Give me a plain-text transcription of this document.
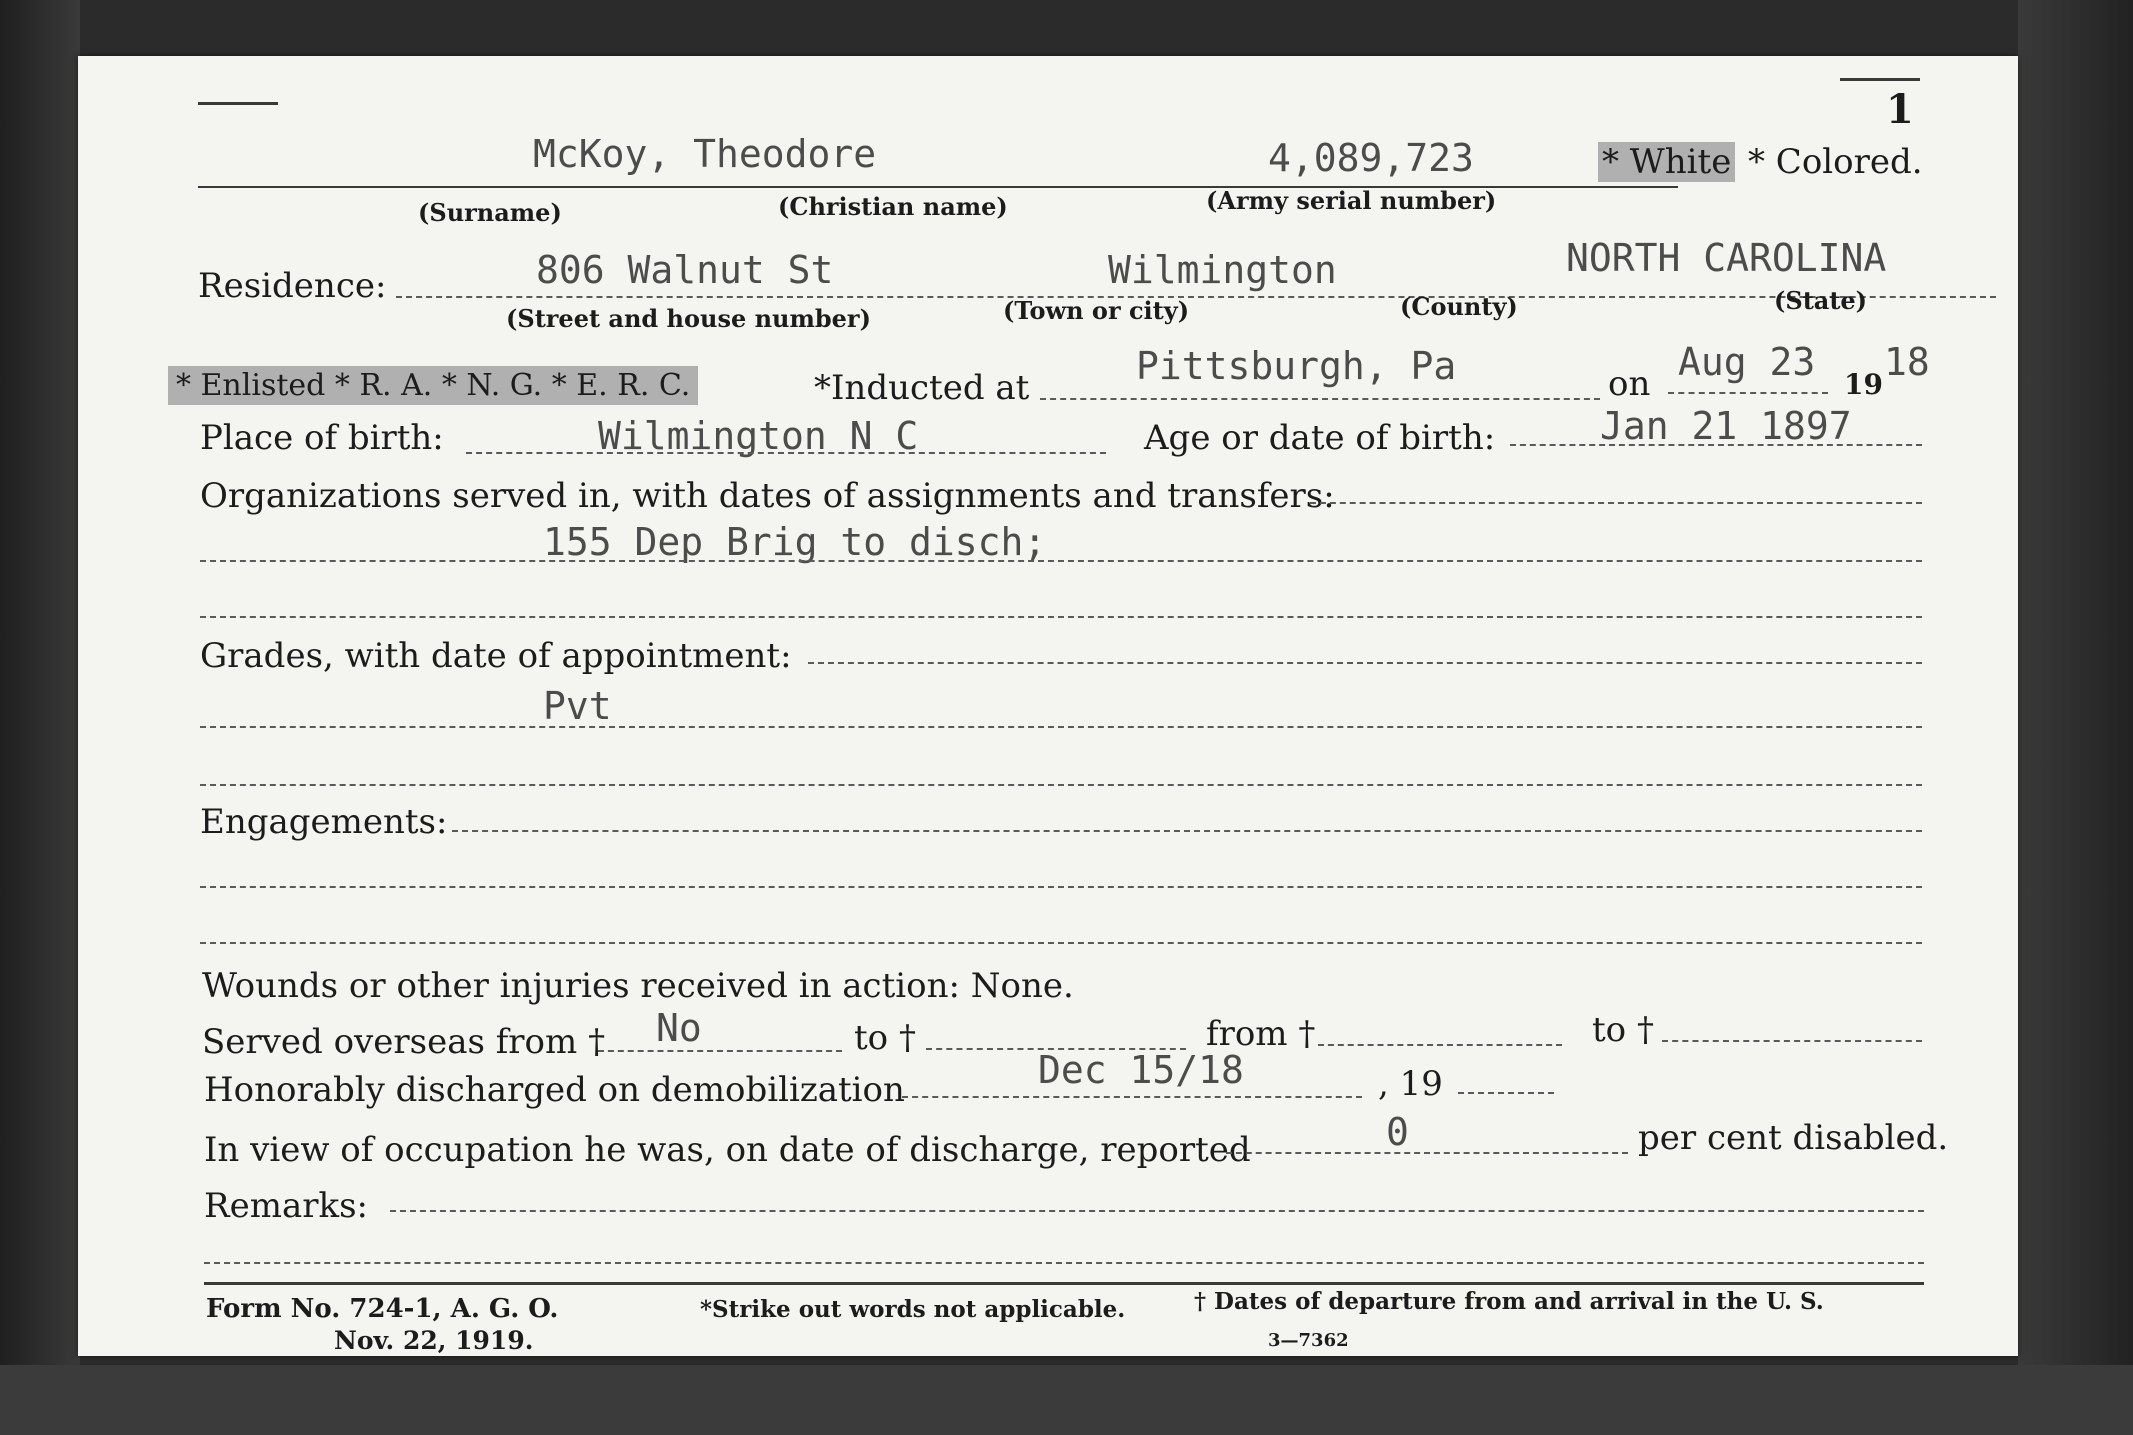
1
McKoy, Theodore	4,089,723	* White * Colored.
(Surname)	(Christian name)	(Army serial number)
Residence:	806 Walnut St	Wilmington	NORTH CAROLINA
(Street and house number)	(Town or city)	(County)	(State)
* Enlisted * R. A. * N. G. * E. R. C.	*Inducted at	Pittsburgh, Pa	on Aug 23
19
18
Place of birth:	Wilmington N C	Age or date of birth:	Jan 21 1897
Organizations served in, with dates of assignments and transfers:
155 Dep Brig to disch;
Grades, with date of appointment:
Pvt
Engagements:
Wounds or other injuries received in action: None.
Served overseas from † No	to †	from †	to †
Honorably discharged on demobilization	Dec 15/18	, 19
In view of occupation he was, on date of discharge, reported	0	per cent disabled.
Remarks:
Form No. 724-1, A. G. O.
Nov. 22, 1919.
*Strike out words not applicable.	† Dates of departure from and arrival in the U. S.
3—7362
